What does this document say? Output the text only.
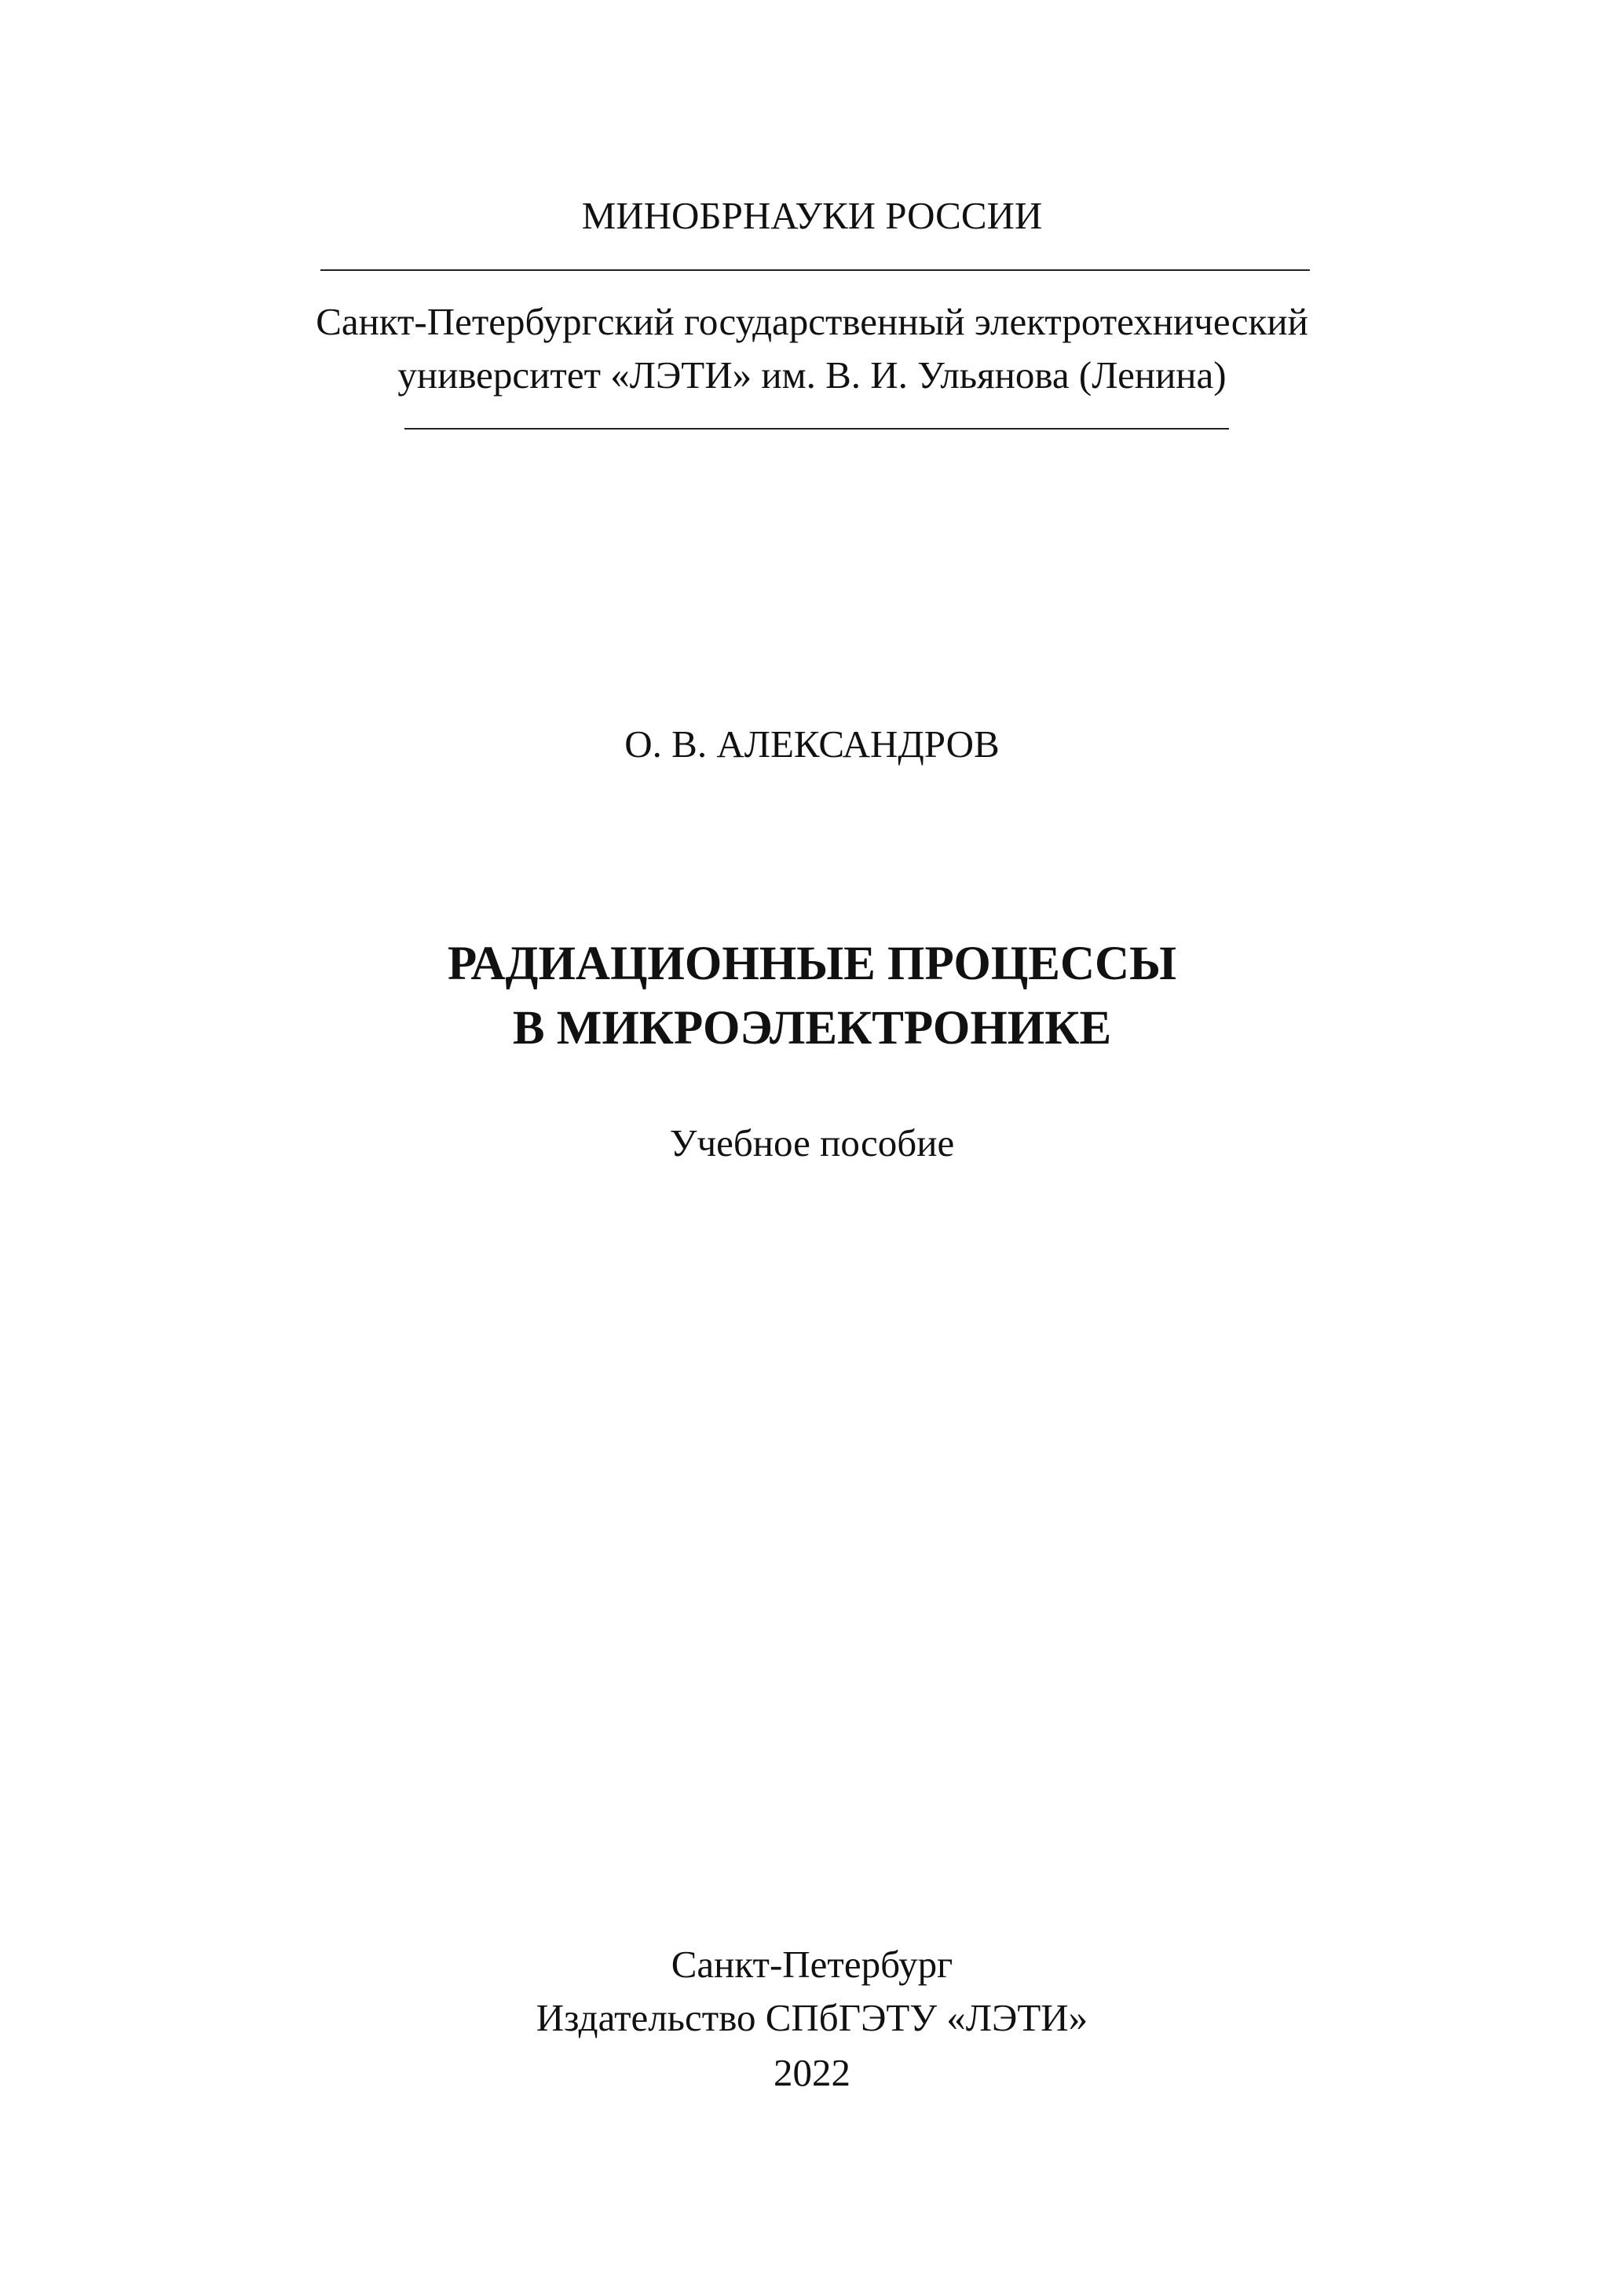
МИНОБРНАУКИ РОССИИ
Санкт-Петербургский государственный электротехнический
университет «ЛЭТИ» им. В. И. Ульянова (Ленина)
О. В. АЛЕКСАНДРОВ
РАДИАЦИОННЫЕ ПРОЦЕССЫ
В МИКРОЭЛЕКТРОНИКЕ
Учебное пособие
Санкт-Петербург
Издательство СПбГЭТУ «ЛЭТИ»
2022
